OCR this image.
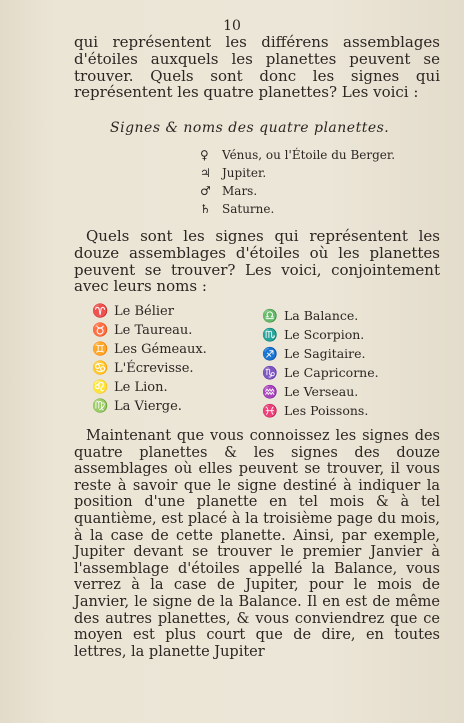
10

qui représentent les différens assemblages d'étoiles auxquels les planettes peuvent se trouver. Quels sont donc les signes qui représentent les quatre planettes? Les voici :

Signes & noms des quatre planettes.
♀ Vénus, ou l'Étoile du Berger.
♃ Jupiter.
♂ Mars.
♄ Saturne.

Quels sont les signes qui représentent les douze assemblages d'étoiles où les planettes peuvent se trouver? Les voici, conjointement avec leurs noms :

♈ Le Bélier
♉ Le Taureau.
♊ Les Gémeaux.
♋ L'Écrevisse.
♌ Le Lion.
♍ La Vierge.
♎ La Balance.
♏ Le Scorpion.
♐ Le Sagitaire.
♑ Le Capricorne.
♒ Le Verseau.
♓ Les Poissons.

Maintenant que vous connoissez les signes des quatre planettes & les signes des douze assemblages où elles peuvent se trouver, il vous reste à savoir que le signe destiné à indiquer la position d'une planette en tel mois & à tel quantième, est placé à la troisième page du mois, à la case de cette planette. Ainsi, par exemple, Jupiter devant se trouver le premier Janvier à l'assemblage d'étoiles appellé la Balance, vous verrez à la case de Jupiter, pour le mois de Janvier, le signe de la Balance. Il en est de même des autres planettes, & vous conviendrez que ce moyen est plus court que de dire, en toutes lettres, la planette Jupiter
